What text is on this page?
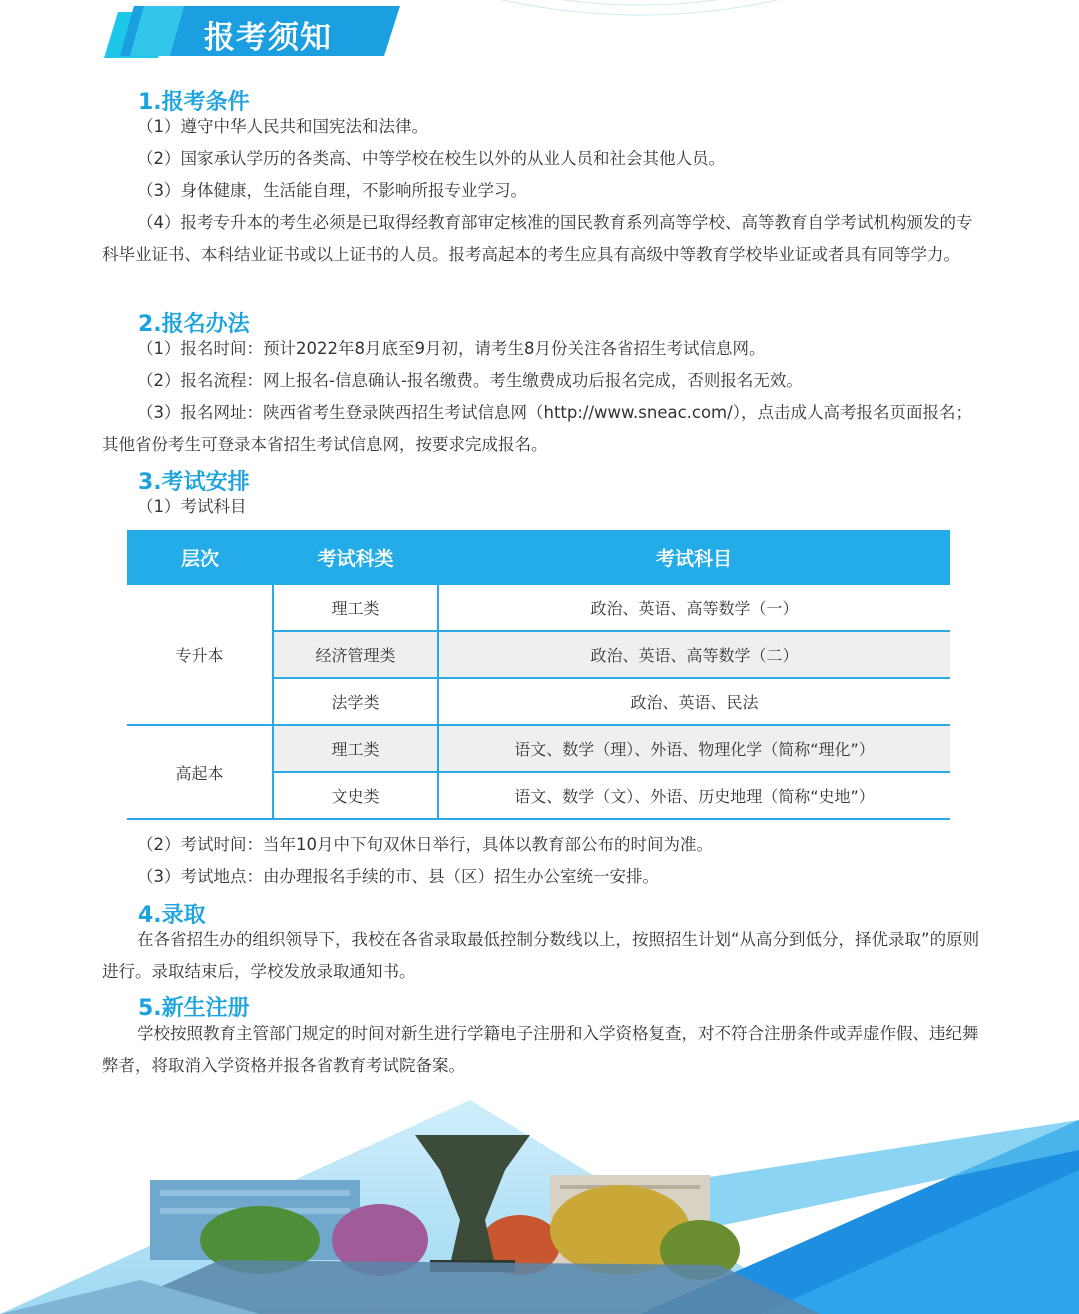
报考须知
1.报考条件
（1）遵守中华人民共和国宪法和法律。
（2）国家承认学历的各类高、中等学校在校生以外的从业人员和社会其他人员。
（3）身体健康，生活能自理，不影响所报专业学习。
（4）报考专升本的考生必须是已取得经教育部审定核准的国民教育系列高等学校、高等教育自学考试机构颁发的专科毕业证书、本科结业证书或以上证书的人员。报考高起本的考生应具有高级中等教育学校毕业证或者具有同等学力。
2.报名办法
（1）报名时间：预计2022年8月底至9月初，请考生8月份关注各省招生考试信息网。
（2）报名流程：网上报名-信息确认-报名缴费。考生缴费成功后报名完成，否则报名无效。
（3）报名网址：陕西省考生登录陕西招生考试信息网（http://www.sneac.com/），点击成人高考报名页面报名；其他省份考生可登录本省招生考试信息网，按要求完成报名。
3.考试安排
（1）考试科目
层次	考试科类	考试科目
专升本	理工类	政治、英语、高等数学（一）
	经济管理类	政治、英语、高等数学（二）
	法学类	政治、英语、民法
高起本	理工类	语文、数学（理）、外语、物理化学（简称“理化”）
	文史类	语文、数学（文）、外语、历史地理（简称“史地”）
（2）考试时间：当年10月中下旬双休日举行，具体以教育部公布的时间为准。
（3）考试地点：由办理报名手续的市、县（区）招生办公室统一安排。
4.录取
在各省招生办的组织领导下，我校在各省录取最低控制分数线以上，按照招生计划“从高分到低分，择优录取”的原则进行。录取结束后，学校发放录取通知书。
5.新生注册
学校按照教育主管部门规定的时间对新生进行学籍电子注册和入学资格复查，对不符合注册条件或弄虚作假、违纪舞弊者，将取消入学资格并报各省教育考试院备案。
